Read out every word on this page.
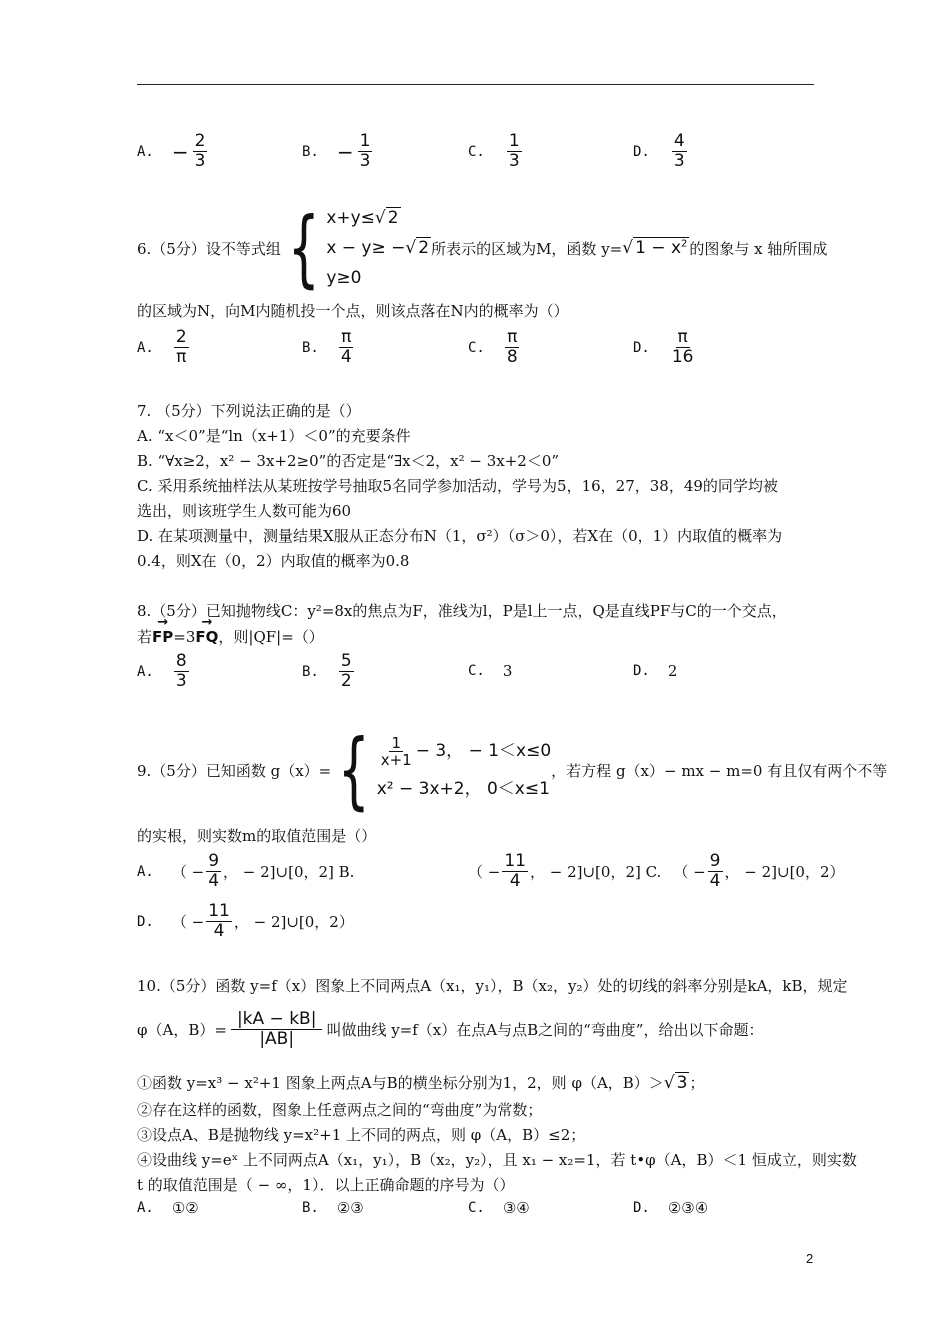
A. − $\frac{2}{3}$	B. − $\frac{1}{3}$	C. $\frac{1}{3}$	D. $\frac{4}{3}$
6.（5分）设不等式组 { x+y≤√ 2
x − y≥ −√ 2
y≥0
所表示的区域为M，函数 y= √ $1 - x^2$ 的图象与 x 轴所围成
的区域为N，向M内随机投一个点，则该点落在N内的概率为（）
A. $\frac{2}{\pi}$	B. $\frac{\pi}{4}$	C. $\frac{\pi}{8}$	D. $\frac{\pi}{16}$
7. （5分）下列说法正确的是（）
A. “x＜0”是“ln（x+1）＜0”的充要条件
B. “∀x≥2，x² − 3x+2≥0”的否定是“∃x＜2，x² − 3x+2＜0”
C. 采用系统抽样法从某班按学号抽取5名同学参加活动，学号为5，16，27，38，49的同学均被
选出，则该班学生人数可能为60
D. 在某项测量中，测量结果X服从正态分布N（1，σ²）（σ＞0），若X在（0，1）内取值的概率为
0.4，则X在（0，2）内取值的概率为0.8
8.（5分）已知抛物线C：y²=8x的焦点为F，准线为l，P是l上一点，Q是直线PF与C的一个交点，
若→ FP=3→ FQ，则|QF|=（）
A. $\frac{8}{3}$	B. $\frac{5}{2}$	C. 3	D. 2
9.（5分）已知函数 g（x）= { $\frac{1}{x+1} - 3$， − 1＜x≤0
x² − 3x+2， 0＜x≤1
，若方程 g（x）− mx − m=0 有且仅有两个不等
的实根，则实数m的取值范围是（）
A. （ − $\frac{9}{4}$ ， − 2]∪[0，2] B.	（ − $\frac{11}{4}$ ， − 2]∪[0，2] C. （ − $\frac{9}{4}$ ， − 2]∪[0，2）
D. （ − $\frac{11}{4}$ ， − 2]∪[0，2）
10.（5分）函数 y=f（x）图象上不同两点A（x₁，y₁），B（x₂，y₂）处的切线的斜率分别是kA，kB，规定
φ（A，$B)= \frac{|kA - kB|}{|AB|}$ 叫做曲线 y=f（x）在点A与点B之间的“弯曲度”，给出以下命题：
①函数 y=x³ − x²+1 图象上两点A与B的横坐标分别为1，2，则 φ（A，B）＞√ 3 ；
②存在这样的函数，图象上任意两点之间的“弯曲度”为常数；
③设点A、B是抛物线 y=x²+1 上不同的两点，则 φ（A，B）≤2；
④设曲线 y=eˣ 上不同两点A（x₁，y₁），B（x₂，y₂），且 x₁ − x₂=1，若 t•φ（A，B）＜1 恒成立，则实数
t 的取值范围是（ − ∞，1）．以上正确命题的序号为（）
A. ①②	B. ②③	C. ③④	D. ②③④
2
